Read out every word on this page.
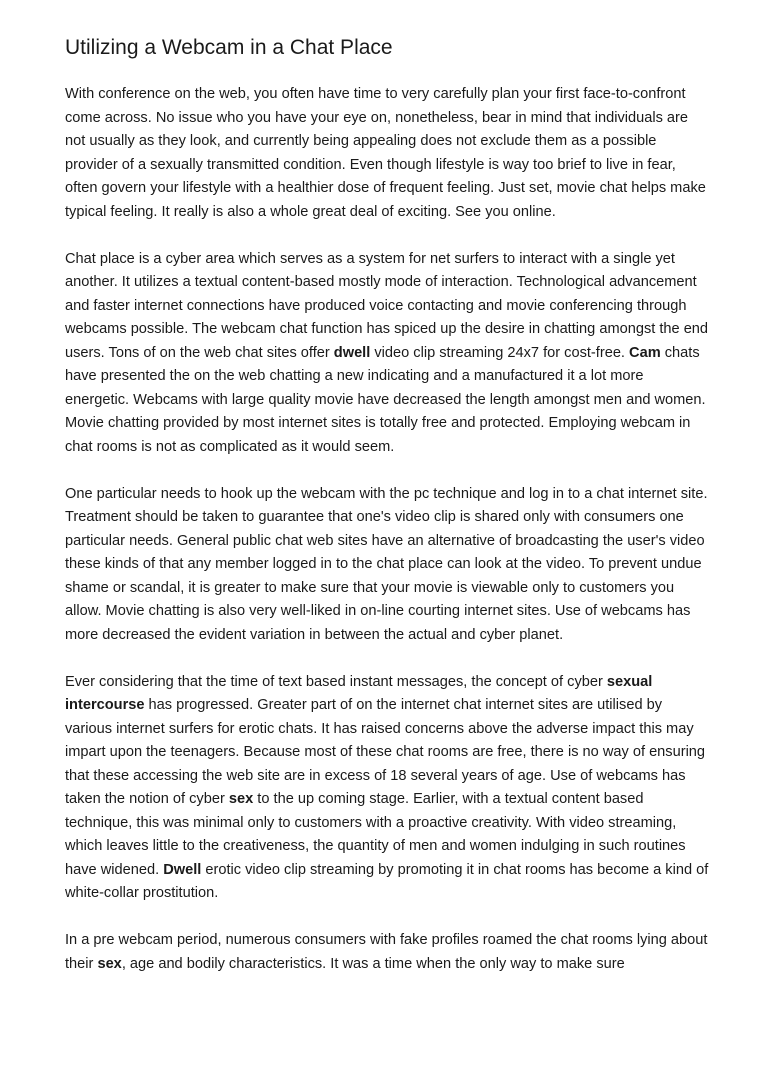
Utilizing a Webcam in a Chat Place

With conference on the web, you often have time to very carefully plan your first face-to-confront come across. No issue who you have your eye on, nonetheless, bear in mind that individuals are not usually as they look, and currently being appealing does not exclude them as a possible provider of a sexually transmitted condition. Even though lifestyle is way too brief to live in fear, often govern your lifestyle with a healthier dose of frequent feeling. Just set, movie chat helps make typical feeling. It really is also a whole great deal of exciting. See you online.

Chat place is a cyber area which serves as a system for net surfers to interact with a single yet another. It utilizes a textual content-based mostly mode of interaction. Technological advancement and faster internet connections have produced voice contacting and movie conferencing through webcams possible. The webcam chat function has spiced up the desire in chatting amongst the end users. Tons of on the web chat sites offer dwell video clip streaming 24x7 for cost-free. Cam chats have presented the on the web chatting a new indicating and a manufactured it a lot more energetic. Webcams with large quality movie have decreased the length amongst men and women. Movie chatting provided by most internet sites is totally free and protected. Employing webcam in chat rooms is not as complicated as it would seem.

One particular needs to hook up the webcam with the pc technique and log in to a chat internet site. Treatment should be taken to guarantee that one's video clip is shared only with consumers one particular needs. General public chat web sites have an alternative of broadcasting the user's video these kinds of that any member logged in to the chat place can look at the video. To prevent undue shame or scandal, it is greater to make sure that your movie is viewable only to customers you allow. Movie chatting is also very well-liked in on-line courting internet sites. Use of webcams has more decreased the evident variation in between the actual and cyber planet.

Ever considering that the time of text based instant messages, the concept of cyber sexual intercourse has progressed. Greater part of on the internet chat internet sites are utilised by various internet surfers for erotic chats. It has raised concerns above the adverse impact this may impart upon the teenagers. Because most of these chat rooms are free, there is no way of ensuring that these accessing the web site are in excess of 18 several years of age. Use of webcams has taken the notion of cyber sex to the up coming stage. Earlier, with a textual content based technique, this was minimal only to customers with a proactive creativity. With video streaming, which leaves little to the creativeness, the quantity of men and women indulging in such routines have widened. Dwell erotic video clip streaming by promoting it in chat rooms has become a kind of white-collar prostitution.

In a pre webcam period, numerous consumers with fake profiles roamed the chat rooms lying about their sex, age and bodily characteristics. It was a time when the only way to make sure
